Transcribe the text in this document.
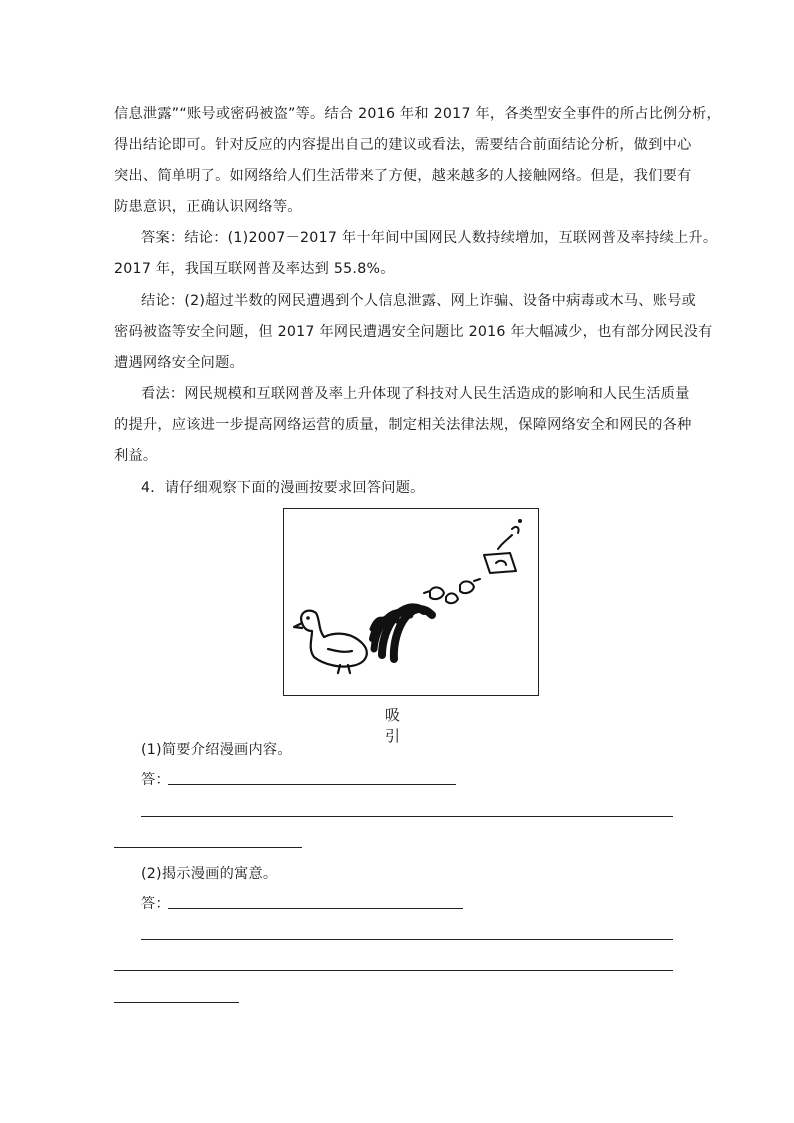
信息泄露”“账号或密码被盗”等。结合 2016 年和 2017 年，各类型安全事件的所占比例分析，
得出结论即可。针对反应的内容提出自己的建议或看法，需要结合前面结论分析，做到中心
突出、简单明了。如网络给人们生活带来了方便，越来越多的人接触网络。但是，我们要有
防患意识，正确认识网络等。
答案：结论：(1)2007－2017 年十年间中国网民人数持续增加，互联网普及率持续上升。
2017 年，我国互联网普及率达到 55.8%。
结论：(2)超过半数的网民遭遇到个人信息泄露、网上诈骗、设备中病毒或木马、账号或
密码被盗等安全问题，但 2017 年网民遭遇安全问题比 2016 年大幅减少，也有部分网民没有
遭遇网络安全问题。
看法：网民规模和互联网普及率上升体现了科技对人民生活造成的影响和人民生活质量
的提升，应该进一步提高网络运营的质量，制定相关法律法规，保障网络安全和网民的各种
利益。
4．请仔细观察下面的漫画按要求回答问题。
吸 引
(1)简要介绍漫画内容。
答：
(2)揭示漫画的寓意。
答：
